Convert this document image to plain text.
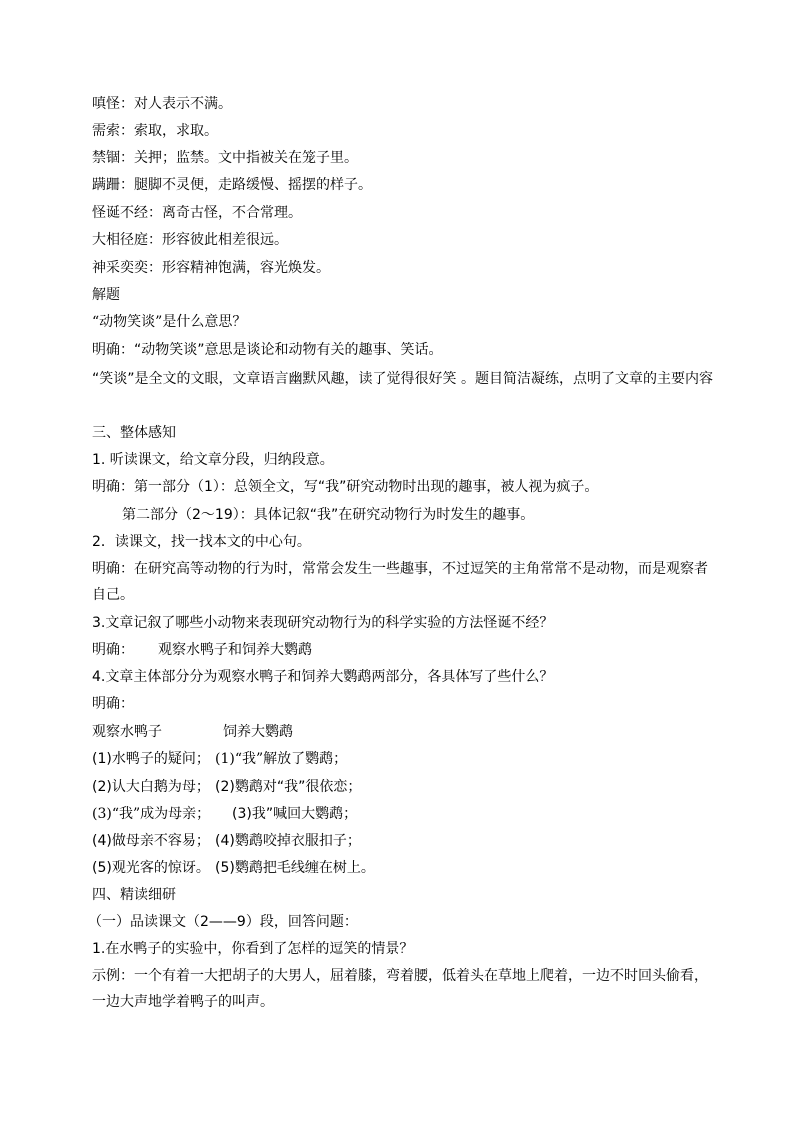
嗔怪：对人表示不满。
需索：索取，求取。
禁锢：关押；监禁。文中指被关在笼子里。
蹒跚：腿脚不灵便，走路缓慢、摇摆的样子。
怪诞不经：离奇古怪，不合常理。
大相径庭：形容彼此相差很远。
神采奕奕：形容精神饱满，容光焕发。
解题
“动物笑谈”是什么意思？
明确：“动物笑谈”意思是谈论和动物有关的趣事、笑话。
“笑谈”是全文的文眼，文章语言幽默风趣，读了觉得很好笑 。题目简洁凝练，点明了文章的主要内容
三、整体感知
1. 听读课文，给文章分段，归纳段意。
明确：第一部分（1）：总领全文，写“我”研究动物时出现的趣事，被人视为疯子。
第二部分（2～19）：具体记叙“我”在研究动物行为时发生的趣事。
2．读课文，找一找本文的中心句。
明确：在研究高等动物的行为时，常常会发生一些趣事，不过逗笑的主角常常不是动物，而是观察者自己。
3.文章记叙了哪些小动物来表现研究动物行为的科学实验的方法怪诞不经？
明确：	观察水鸭子和饲养大鹦鹉
4.文章主体部分分为观察水鸭子和饲养大鹦鹉两部分，各具体写了些什么？
明确：
观察水鸭子	饲养大鹦鹉
(1)水鸭子的疑问； (1)“我”解放了鹦鹉；
(2)认大白鹅为母； (2)鹦鹉对“我”很依恋；
(3)“我”成为母亲；	(3)我”喊回大鹦鹉；
(4)做母亲不容易； (4)鹦鹉咬掉衣服扣子；
(5)观光客的惊讶。 (5)鹦鹉把毛线缠在树上。
四、精读细研
（一）品读课文（2——9）段，回答问题：
1.在水鸭子的实验中，你看到了怎样的逗笑的情景？
示例：一个有着一大把胡子的大男人，屈着膝，弯着腰，低着头在草地上爬着，一边不时回头偷看，一边大声地学着鸭子的叫声。
